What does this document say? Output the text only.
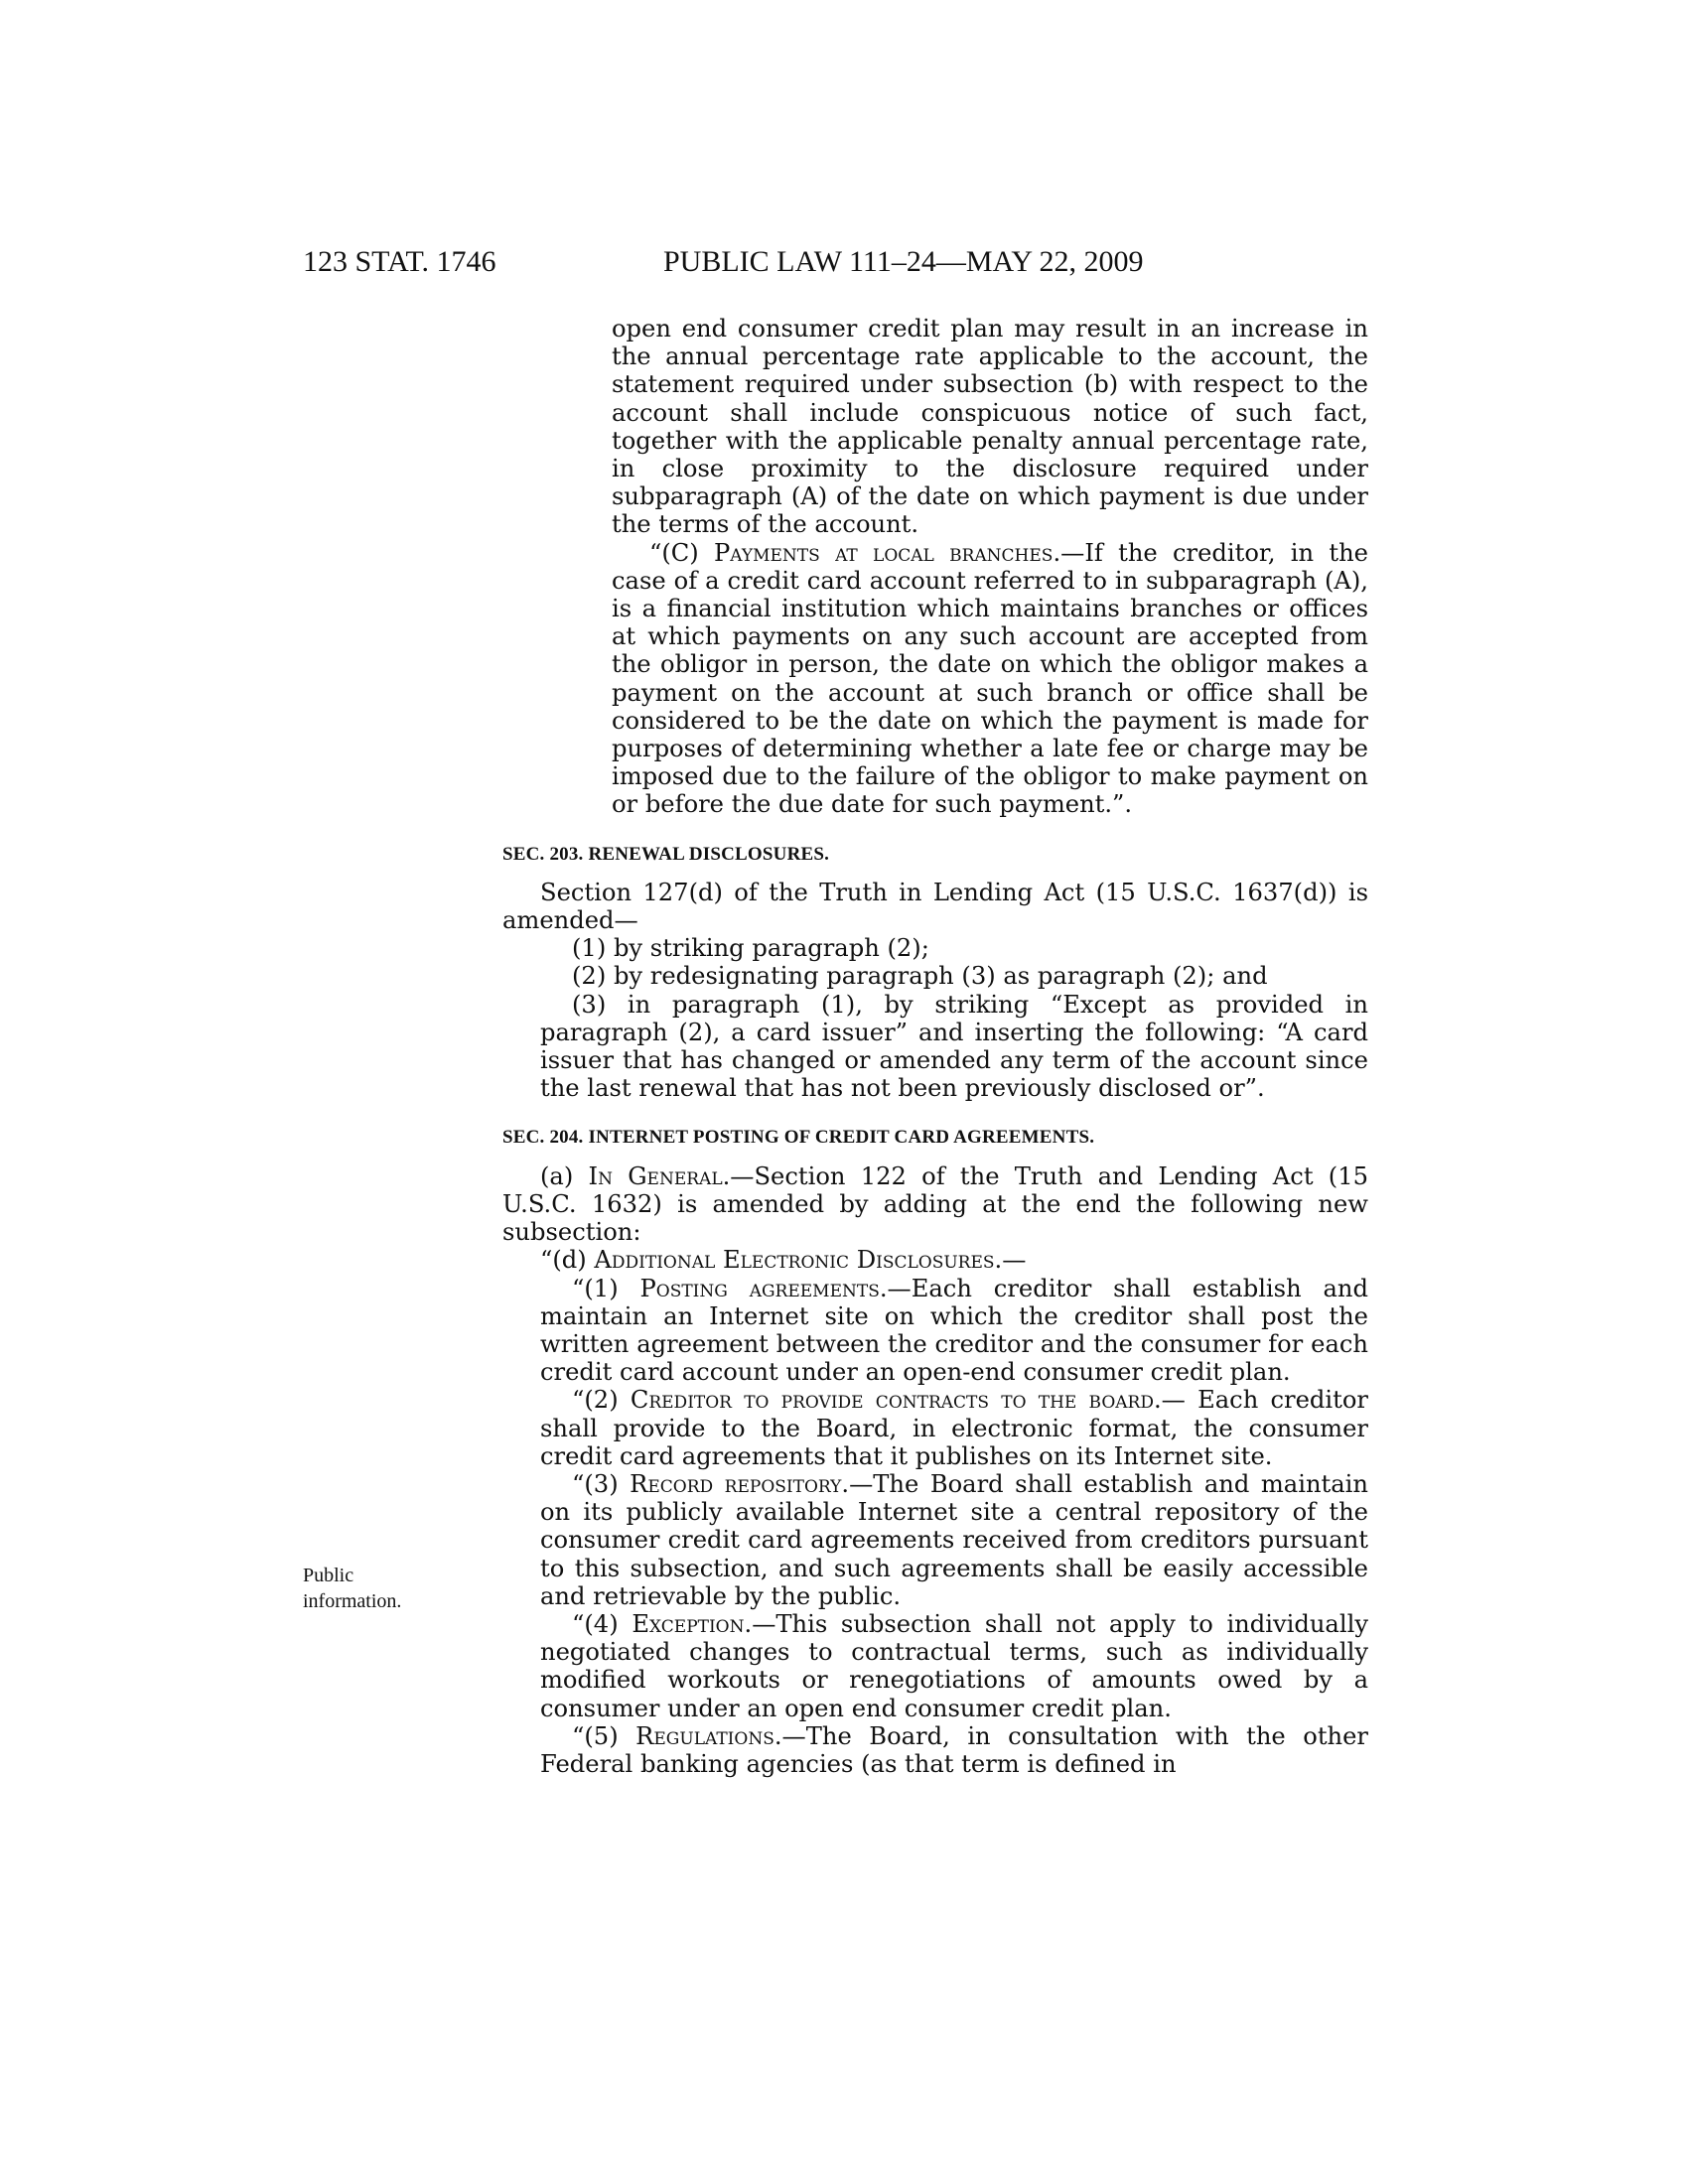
123 STAT. 1746	PUBLIC LAW 111–24—MAY 22, 2009
Public
information.

open end consumer credit plan may result in an increase in the annual percentage rate applicable to the account, the statement required under subsection (b) with respect to the account shall include conspicuous notice of such fact, together with the applicable penalty annual percentage rate, in close proximity to the disclosure required under subparagraph (A) of the date on which payment is due under the terms of the account.

“(C) Payments at local branches.—If the creditor, in the case of a credit card account referred to in subparagraph (A), is a financial institution which maintains branches or offices at which payments on any such account are accepted from the obligor in person, the date on which the obligor makes a payment on the account at such branch or office shall be considered to be the date on which the payment is made for purposes of determining whether a late fee or charge may be imposed due to the failure of the obligor to make payment on or before the due date for such payment.”.

SEC. 203. RENEWAL DISCLOSURES.

Section 127(d) of the Truth in Lending Act (15 U.S.C. 1637(d)) is amended—

(1) by striking paragraph (2);

(2) by redesignating paragraph (3) as paragraph (2); and

(3) in paragraph (1), by striking “Except as provided in paragraph (2), a card issuer” and inserting the following: “A card issuer that has changed or amended any term of the account since the last renewal that has not been previously disclosed or”.

SEC. 204. INTERNET POSTING OF CREDIT CARD AGREEMENTS.

(a) In General.—Section 122 of the Truth and Lending Act (15 U.S.C. 1632) is amended by adding at the end the following new subsection:

“(d) Additional Electronic Disclosures.—

“(1) Posting agreements.—Each creditor shall establish and maintain an Internet site on which the creditor shall post the written agreement between the creditor and the consumer for each credit card account under an open-end consumer credit plan.

“(2) Creditor to provide contracts to the board.— Each creditor shall provide to the Board, in electronic format, the consumer credit card agreements that it publishes on its Internet site.

“(3) Record repository.—The Board shall establish and maintain on its publicly available Internet site a central repository of the consumer credit card agreements received from creditors pursuant to this subsection, and such agreements shall be easily accessible and retrievable by the public.

“(4) Exception.—This subsection shall not apply to individually negotiated changes to contractual terms, such as individually modified workouts or renegotiations of amounts owed by a consumer under an open end consumer credit plan.

“(5) Regulations.—The Board, in consultation with the other Federal banking agencies (as that term is defined in
